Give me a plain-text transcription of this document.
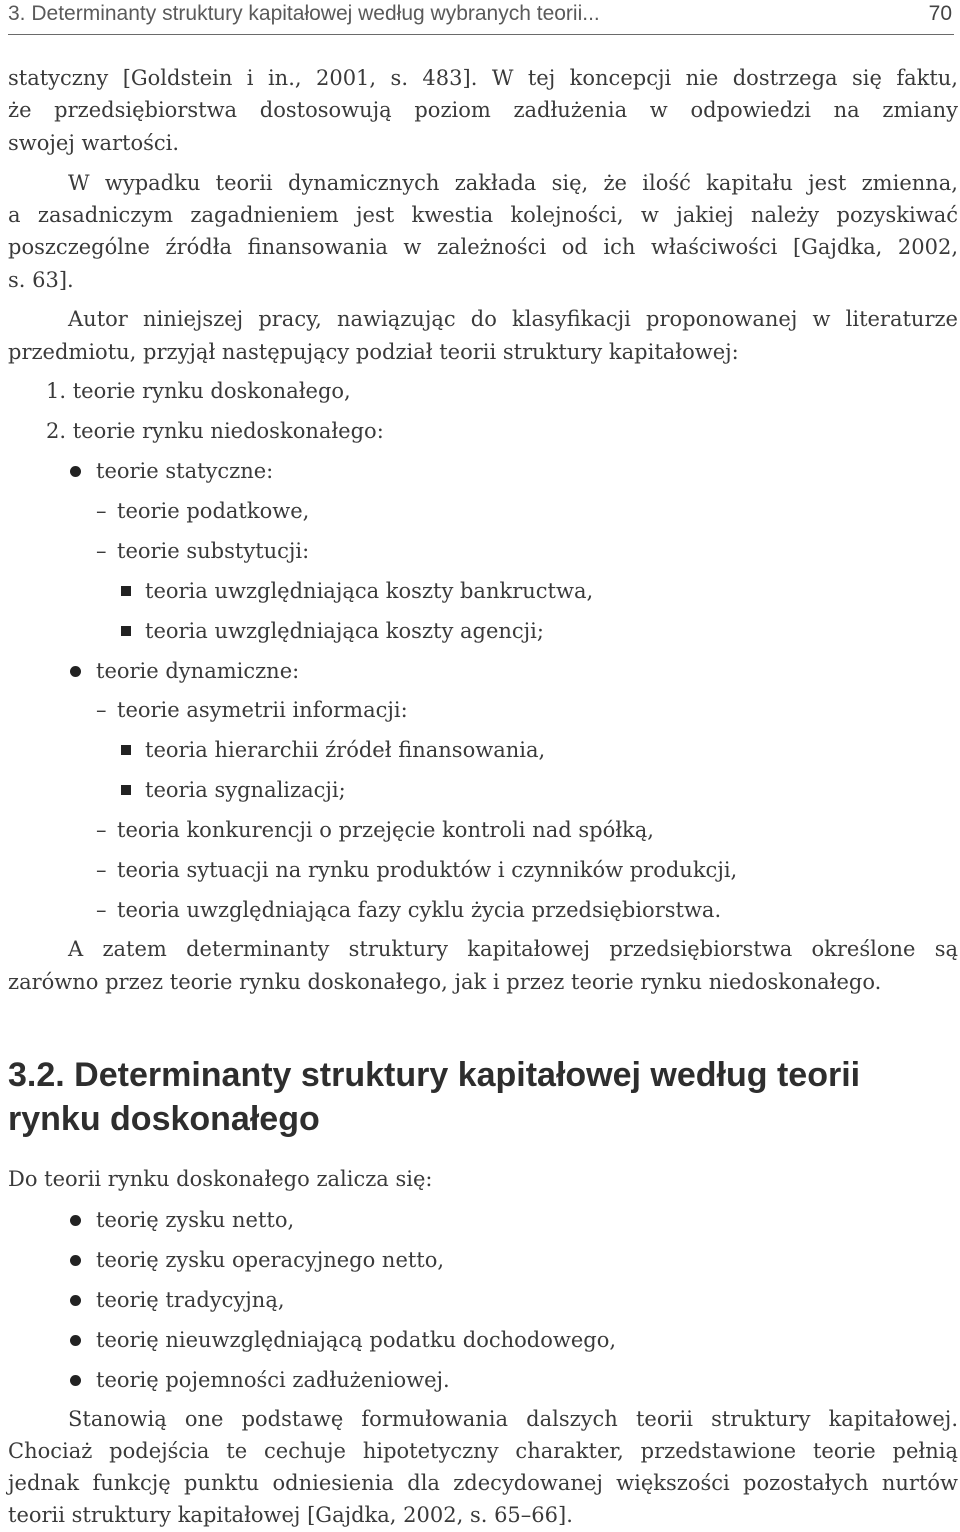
3. Determinanty struktury kapitałowej według wybranych teorii...	70
statyczny [Goldstein i in., 2001, s. 483]. W tej koncepcji nie dostrzega się faktu,
że przedsiębiorstwa dostosowują poziom zadłużenia w odpowiedzi na zmiany
swojej wartości.
W wypadku teorii dynamicznych zakłada się, że ilość kapitału jest zmienna,
a zasadniczym zagadnieniem jest kwestia kolejności, w jakiej należy pozyskiwać
poszczególne źródła finansowania w zależności od ich właściwości [Gajdka, 2002,
s. 63].
Autor niniejszej pracy, nawiązując do klasyfikacji proponowanej w literaturze
przedmiotu, przyjął następujący podział teorii struktury kapitałowej:
1. teorie rynku doskonałego,
2. teorie rynku niedoskonałego:
teorie statyczne:
– teorie podatkowe,
– teorie substytucji:
teoria uwzględniająca koszty bankructwa,
teoria uwzględniająca koszty agencji;
teorie dynamiczne:
– teorie asymetrii informacji:
teoria hierarchii źródeł finansowania,
teoria sygnalizacji;
– teoria konkurencji o przejęcie kontroli nad spółką,
– teoria sytuacji na rynku produktów i czynników produkcji,
– teoria uwzględniająca fazy cyklu życia przedsiębiorstwa.
A zatem determinanty struktury kapitałowej przedsiębiorstwa określone są
zarówno przez teorie rynku doskonałego, jak i przez teorie rynku niedoskonałego.
3.2. Determinanty struktury kapitałowej według teorii
rynku doskonałego
Do teorii rynku doskonałego zalicza się:
teorię zysku netto,
teorię zysku operacyjnego netto,
teorię tradycyjną,
teorię nieuwzględniającą podatku dochodowego,
teorię pojemności zadłużeniowej.
Stanowią one podstawę formułowania dalszych teorii struktury kapitałowej.
Chociaż podejścia te cechuje hipotetyczny charakter, przedstawione teorie pełnią
jednak funkcję punktu odniesienia dla zdecydowanej większości pozostałych nurtów
teorii struktury kapitałowej [Gajdka, 2002, s. 65–66].
